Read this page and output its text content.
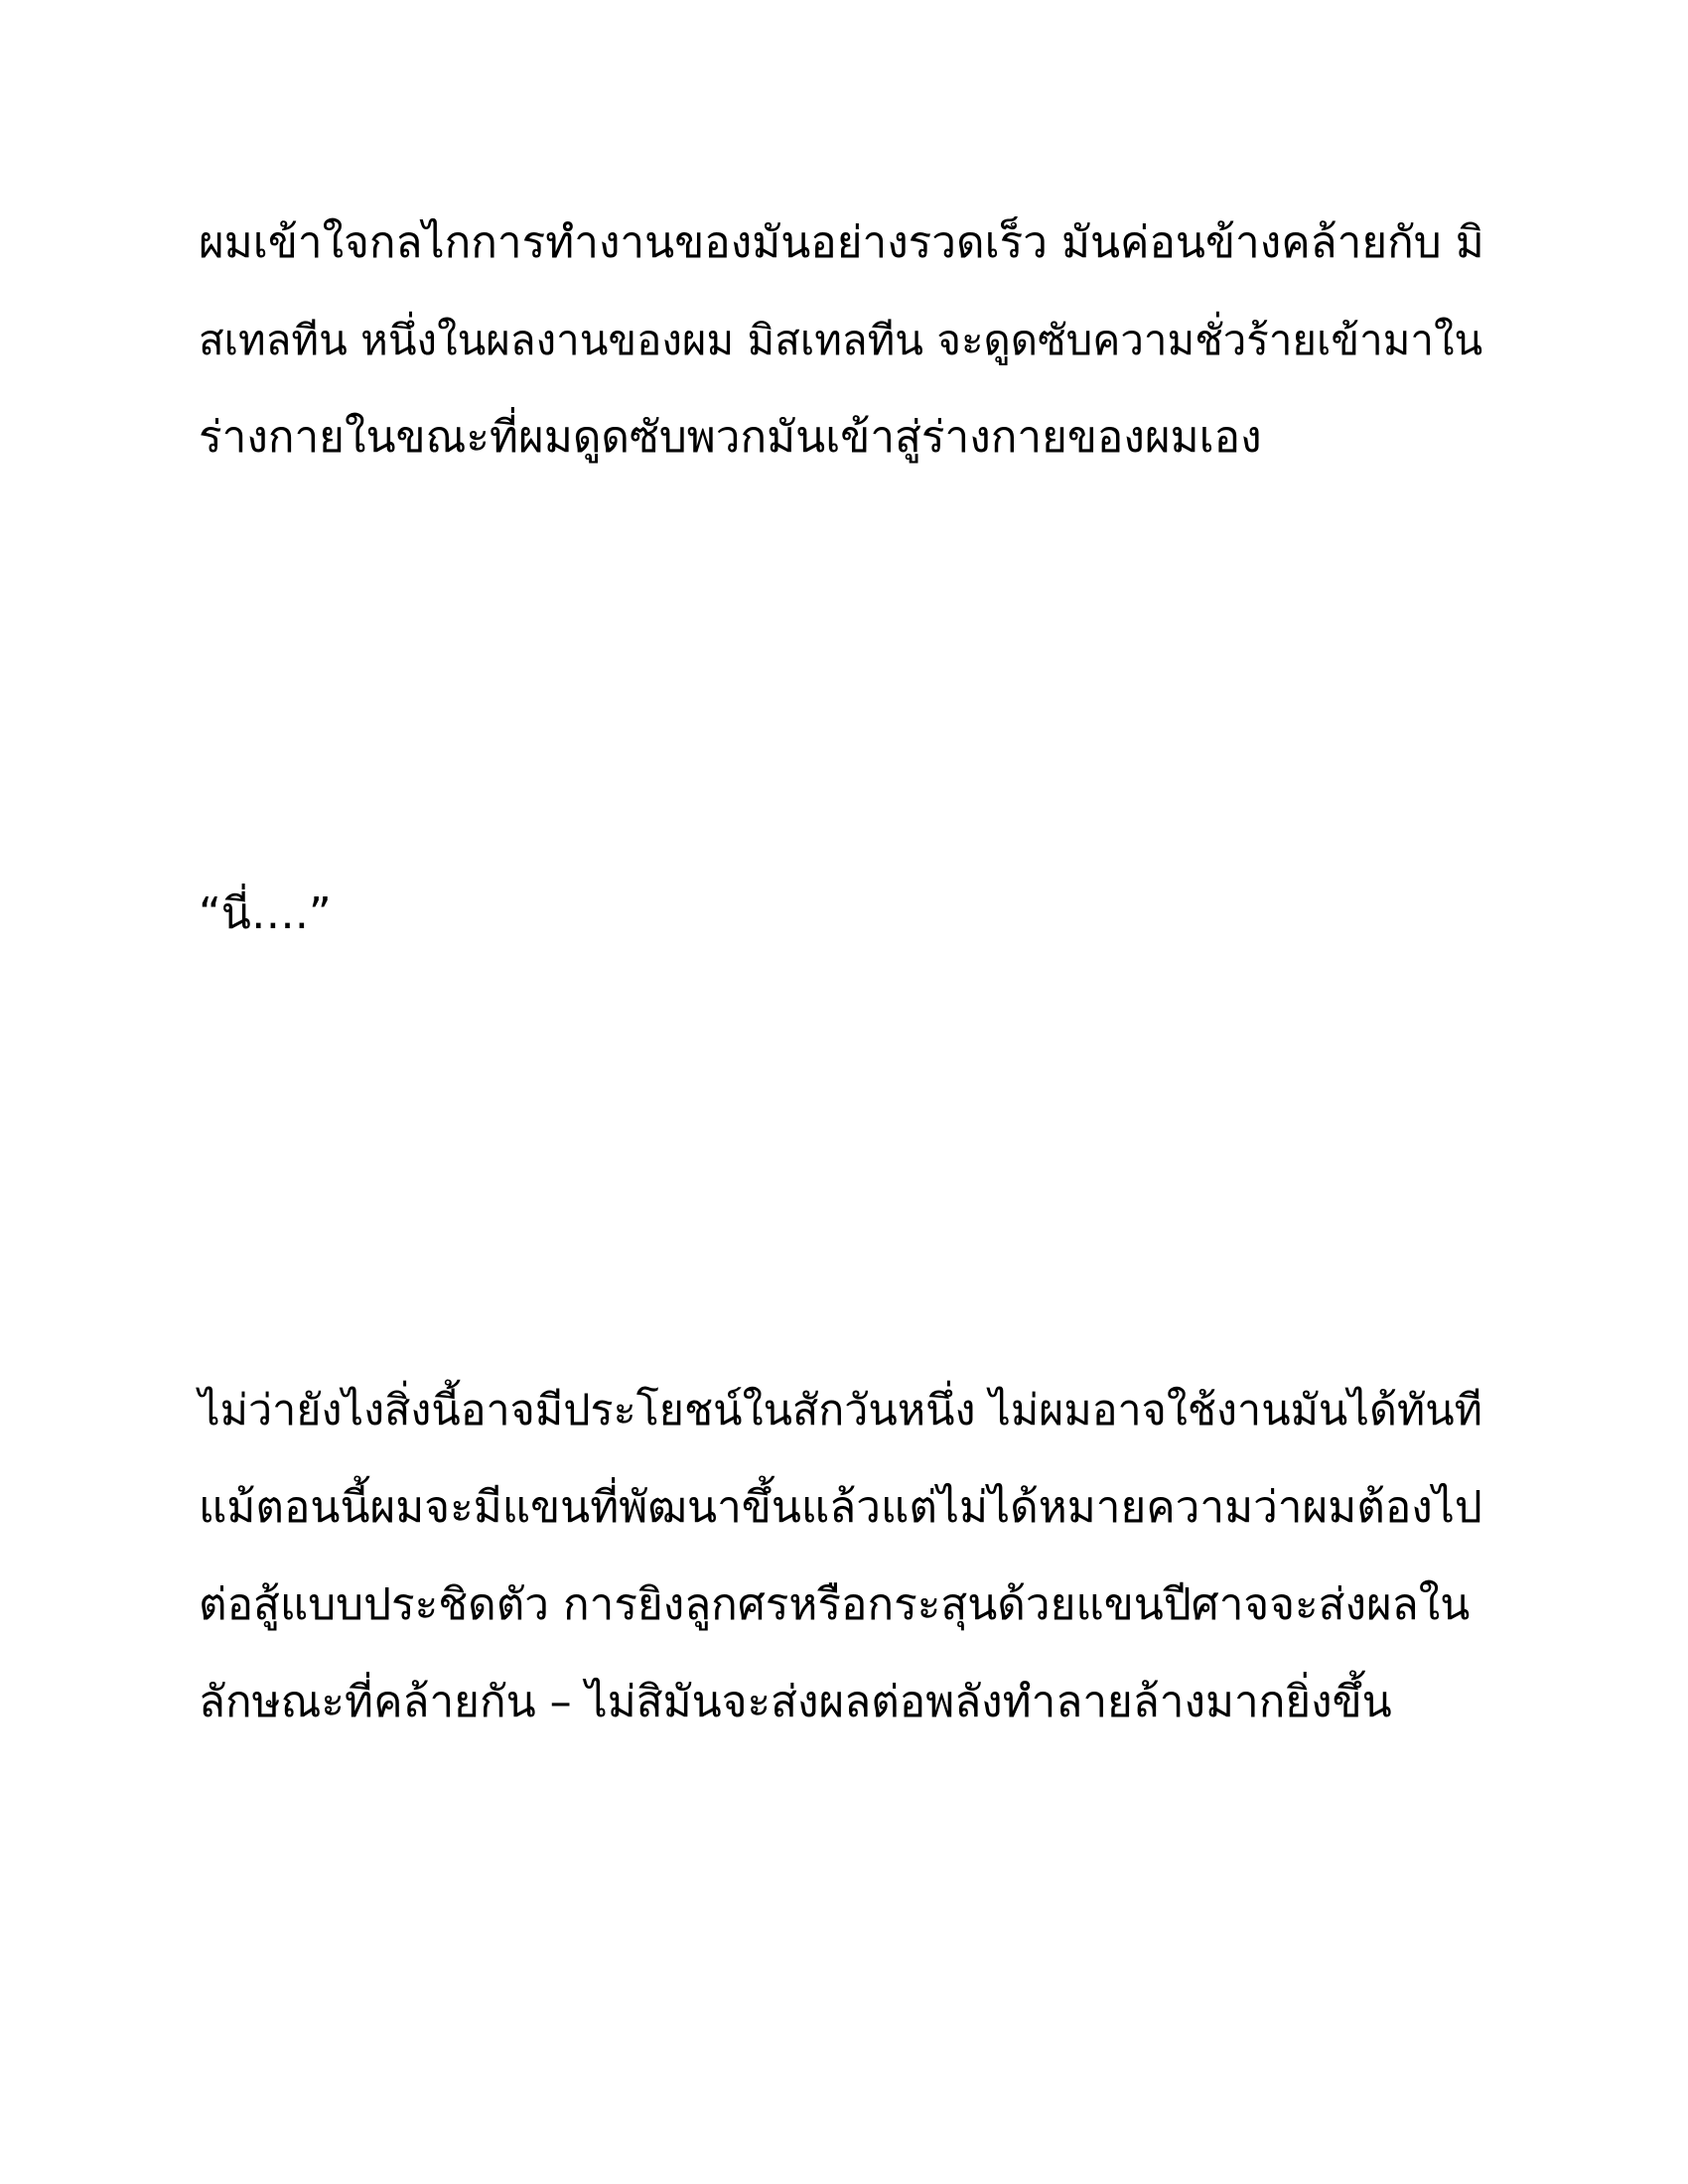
ผมเข้าใจกลไกการทำงานของมันอย่างรวดเร็ว มันค่อนข้างคล้ายกับ มิ
สเทลทีน หนึ่งในผลงานของผม มิสเทลทีน จะดูดซับความชั่วร้ายเข้ามาใน
ร่างกายในขณะที่ผมดูดซับพวกมันเข้าสู่ร่างกายของผมเอง

“นี่….”

ไม่ว่ายังไงสิ่งนี้อาจมีประโยชน์ในสักวันหนึ่ง ไม่ผมอาจใช้งานมันได้ทันที
แม้ตอนนี้ผมจะมีแขนที่พัฒนาขึ้นแล้วแต่ไม่ได้หมายความว่าผมต้องไป
ต่อสู้แบบประชิดตัว การยิงลูกศรหรือกระสุนด้วยแขนปีศาจจะส่งผลใน
ลักษณะที่คล้ายกัน – ไม่สิมันจะส่งผลต่อพลังทำลายล้างมากยิ่งขึ้น
